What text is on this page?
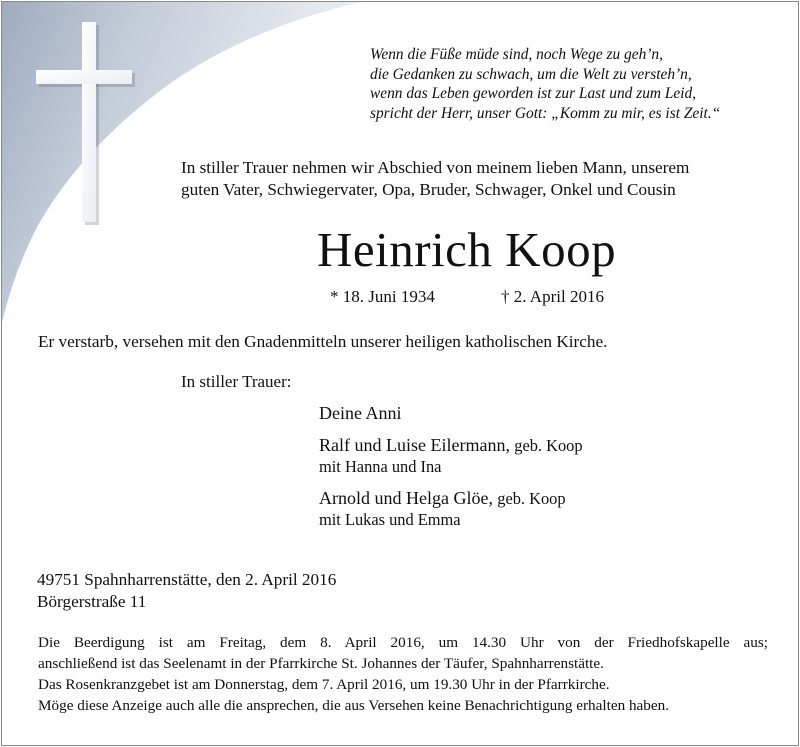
Wenn die Füße müde sind, noch Wege zu geh’n,
die Gedanken zu schwach, um die Welt zu versteh’n,
wenn das Leben geworden ist zur Last und zum Leid,
spricht der Herr, unser Gott: „Komm zu mir, es ist Zeit.“
In stiller Trauer nehmen wir Abschied von meinem lieben Mann, unserem
guten Vater, Schwiegervater, Opa, Bruder, Schwager, Onkel und Cousin
Heinrich Koop
* 18. Juni 1934	† 2. April 2016
Er verstarb, versehen mit den Gnadenmitteln unserer heiligen katholischen Kirche.
In stiller Trauer:
Deine Anni
Ralf und Luise Eilermann, geb. Koop
mit Hanna und Ina
Arnold und Helga Glöe, geb. Koop
mit Lukas und Emma
49751 Spahnharrenstätte, den 2. April 2016
Börgerstraße 11
Die Beerdigung ist am Freitag, dem 8. April 2016, um 14.30 Uhr von der Friedhofskapelle aus;
anschließend ist das Seelenamt in der Pfarrkirche St. Johannes der Täufer, Spahnharrenstätte.
Das Rosenkranzgebet ist am Donnerstag, dem 7. April 2016, um 19.30 Uhr in der Pfarrkirche.
Möge diese Anzeige auch alle die ansprechen, die aus Versehen keine Benachrichtigung erhalten haben.
